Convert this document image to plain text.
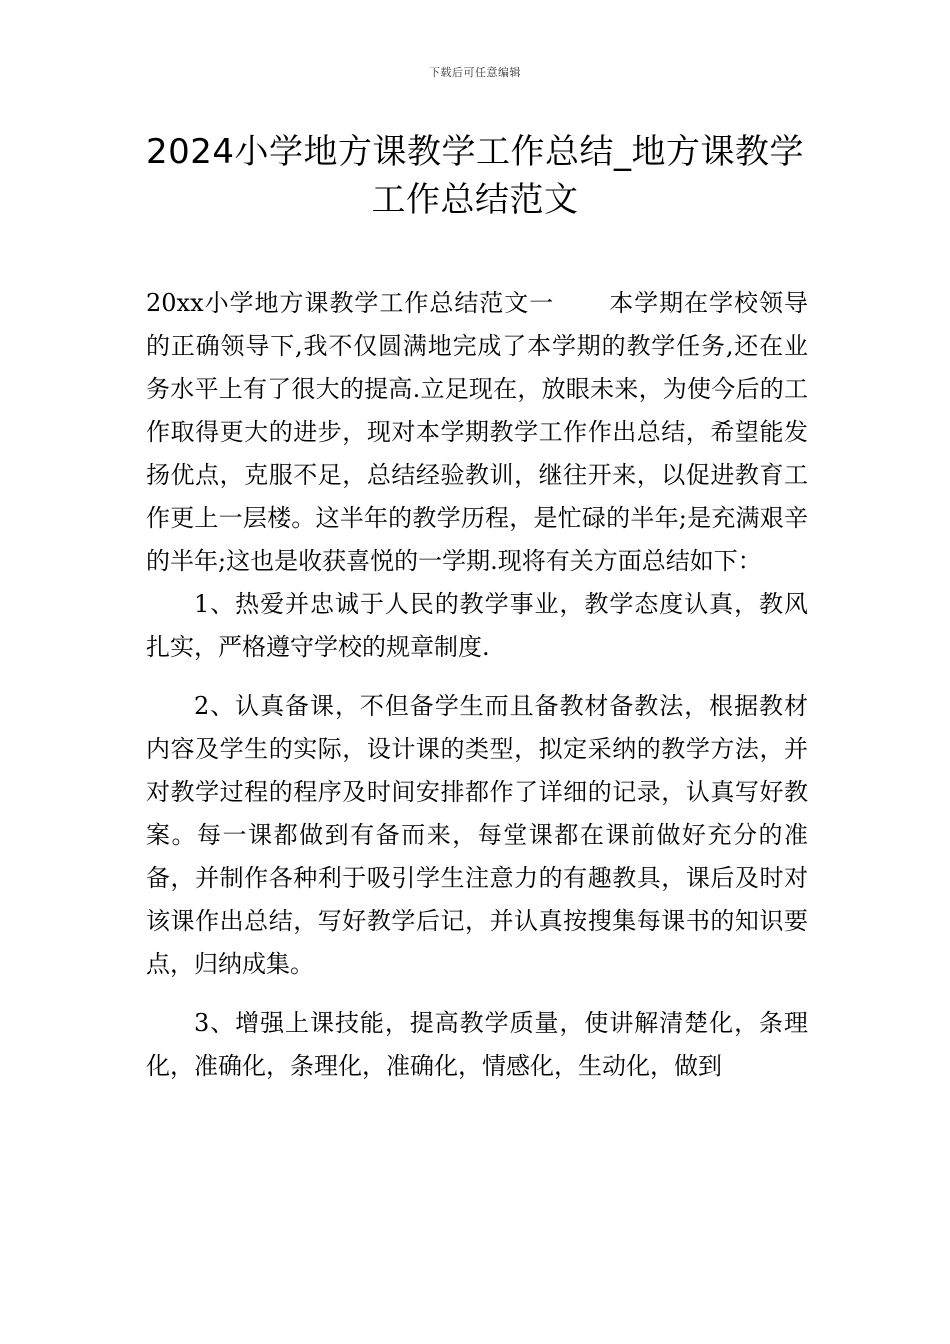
下载后可任意编辑
2024小学地方课教学工作总结_地方课教学工作总结范文

20xx小学地方课教学工作总结范文一 本学期在学校领导的正确领导下,我不仅圆满地完成了本学期的教学任务,还在业务水平上有了很大的提高.立足现在，放眼未来，为使今后的工作取得更大的进步，现对本学期教学工作作出总结，希望能发扬优点，克服不足，总结经验教训，继往开来，以促进教育工作更上一层楼。这半年的教学历程，是忙碌的半年;是充满艰辛的半年;这也是收获喜悦的一学期.现将有关方面总结如下：

1、热爱并忠诚于人民的教学事业，教学态度认真，教风扎实，严格遵守学校的规章制度.

2、认真备课，不但备学生而且备教材备教法，根据教材 内容及学生的实际，设计课的类型，拟定采纳的教学方法，并对教学过程的程序及时间安排都作了详细的记录，认真写好教案。每一课都做到有备而来，每堂课都在课前做好充分的准备，并制作各种利于吸引学生注意力的有趣教具，课后及时对该课作出总结，写好教学后记，并认真按搜集每课书的知识要点，归纳成集。

3、增强上课技能，提高教学质量，使讲解清楚化，条理化，准确化，条理化，准确化，情感化，生动化，做到
